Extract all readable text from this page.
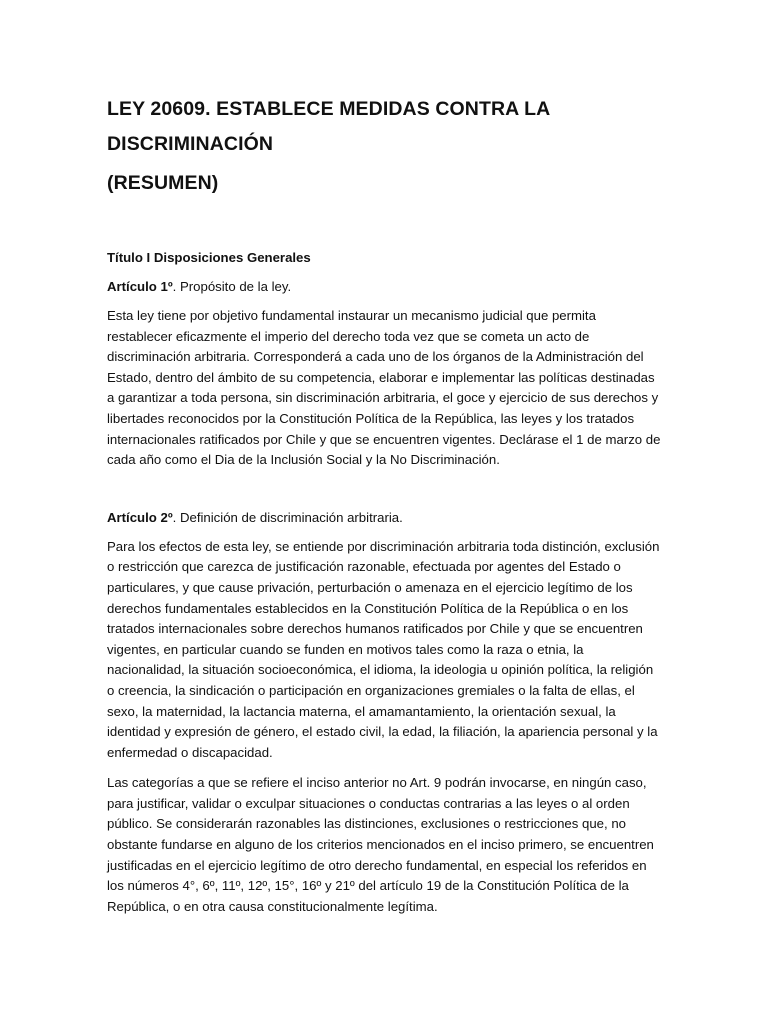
LEY 20609. ESTABLECE MEDIDAS CONTRA LA DISCRIMINACIÓN
(RESUMEN)
Título I Disposiciones Generales

Artículo 1º. Propósito de la ley.

Esta ley tiene por objetivo fundamental instaurar un mecanismo judicial que permita restablecer eficazmente el imperio del derecho toda vez que se cometa un acto de discriminación arbitraria. Corresponderá a cada uno de los órganos de la Administración del Estado, dentro del ámbito de su competencia, elaborar e implementar las políticas destinadas a garantizar a toda persona, sin discriminación arbitraria, el goce y ejercicio de sus derechos y libertades reconocidos por la Constitución Política de la República, las leyes y los tratados internacionales ratificados por Chile y que se encuentren vigentes. Declárase el 1 de marzo de cada año como el Dia de la Inclusión Social y la No Discriminación.

Artículo 2º. Definición de discriminación arbitraria.

Para los efectos de esta ley, se entiende por discriminación arbitraria toda distinción, exclusión o restricción que carezca de justificación razonable, efectuada por agentes del Estado o particulares, y que cause privación, perturbación o amenaza en el ejercicio legítimo de los derechos fundamentales establecidos en la Constitución Política de la República o en los tratados internacionales sobre derechos humanos ratificados por Chile y que se encuentren vigentes, en particular cuando se funden en motivos tales como la raza o etnia, la nacionalidad, la situación socioeconómica, el idioma, la ideologia u opinión política, la religión o creencia, la sindicación o participación en organizaciones gremiales o la falta de ellas, el sexo, la maternidad, la lactancia materna, el amamantamiento, la orientación sexual, la identidad y expresión de género, el estado civil, la edad, la filiación, la apariencia personal y la enfermedad o discapacidad.

Las categorías a que se refiere el inciso anterior no Art. 9 podrán invocarse, en ningún caso, para justificar, validar o exculpar situaciones o conductas contrarias a las leyes o al orden público. Se considerarán razonables las distinciones, exclusiones o restricciones que, no obstante fundarse en alguno de los criterios mencionados en el inciso primero, se encuentren justificadas en el ejercicio legítimo de otro derecho fundamental, en especial los referidos en los números 4°, 6º, 11º, 12º, 15°, 16º y 21º del artículo 19 de la Constitución Política de la República, o en otra causa constitucionalmente legítima.
